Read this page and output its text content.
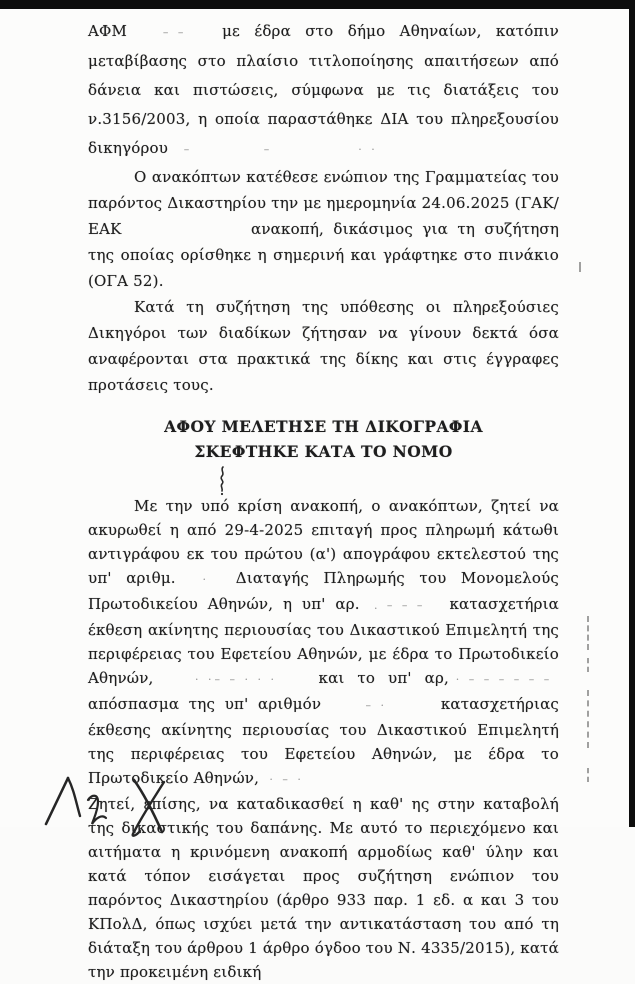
ΑΦΜ	– – με έδρα στο δήμο Αθηναίων, κατόπιν μεταβίβασης στο πλαίσιο τιτλοποίησης απαιτήσεων από δάνεια και πιστώσεις, σύμφωνα με τις διατάξεις του ν.3156/2003, η οποία παραστάθηκε ΔΙΑ του πληρεξουσίου δικηγόρου –	–	· ·

Ο ανακόπτων κατέθεσε ενώπιον της Γραμματείας του παρόντος Δικαστηρίου την με ημερομηνία 24.06.2025 (ΓΑΚ/ΕΑΚ	ανακοπή, δικάσιμος για τη συζήτηση της οποίας ορίσθηκε η σημερινή και γράφτηκε στο πινάκιο (ΟΓΑ 52).

Κατά τη συζήτηση της υπόθεσης οι πληρεξούσιες Δικηγόροι των διαδίκων ζήτησαν να γίνουν δεκτά όσα αναφέρονται στα πρακτικά της δίκης και στις έγγραφες προτάσεις τους.

ΑΦΟΥ ΜΕΛΕΤΗΣΕ ΤΗ ΔΙΚΟΓΡΑΦΙΑ

ΣΚΕΦΤΗΚΕ ΚΑΤΑ ΤΟ ΝΟΜΟ

Με την υπό κρίση ανακοπή, ο ανακόπτων, ζητεί να ακυρωθεί η από 29-4-2025 επιταγή προς πληρωμή κάτωθι αντιγράφου εκ του πρώτου (α') απογράφου εκτελεστού της υπ' αριθμ. · Διαταγής Πληρωμής του Μονομελούς Πρωτοδικείου Αθηνών, η υπ' αρ. . – – – κατασχετήρια έκθεση ακίνητης περιουσίας του Δικαστικού Επιμελητή της περιφέρειας του Εφετείου Αθηνών, με έδρα το Πρωτοδικείο Αθηνών,	· ·– – · · ·	και το υπ' αρ, · – – – – – – απόσπασμα της υπ' αριθμόν	– ·	κατασχετήριας έκθεσης ακίνητης περιουσίας του Δικαστικού Επιμελητή της περιφέρειας του Εφετείου Αθηνών, με έδρα το Πρωτοδικείο Αθηνών, · – ·

Ζητεί, επίσης, να καταδικασθεί η καθ' ης στην καταβολή της δικαστικής του δαπάνης. Με αυτό το περιεχόμενο και αιτήματα η κρινόμενη ανακοπή αρμοδίως καθ' ύλην και κατά τόπον εισάγεται προς συζήτηση ενώπιον του παρόντος Δικαστηρίου (άρθρο 933 παρ. 1 εδ. α και 3 του ΚΠολΔ, όπως ισχύει μετά την αντικατάσταση του από τη διάταξη του άρθρου 1 άρθρο όγδοο του Ν. 4335/2015), κατά την προκειμένη ειδική
